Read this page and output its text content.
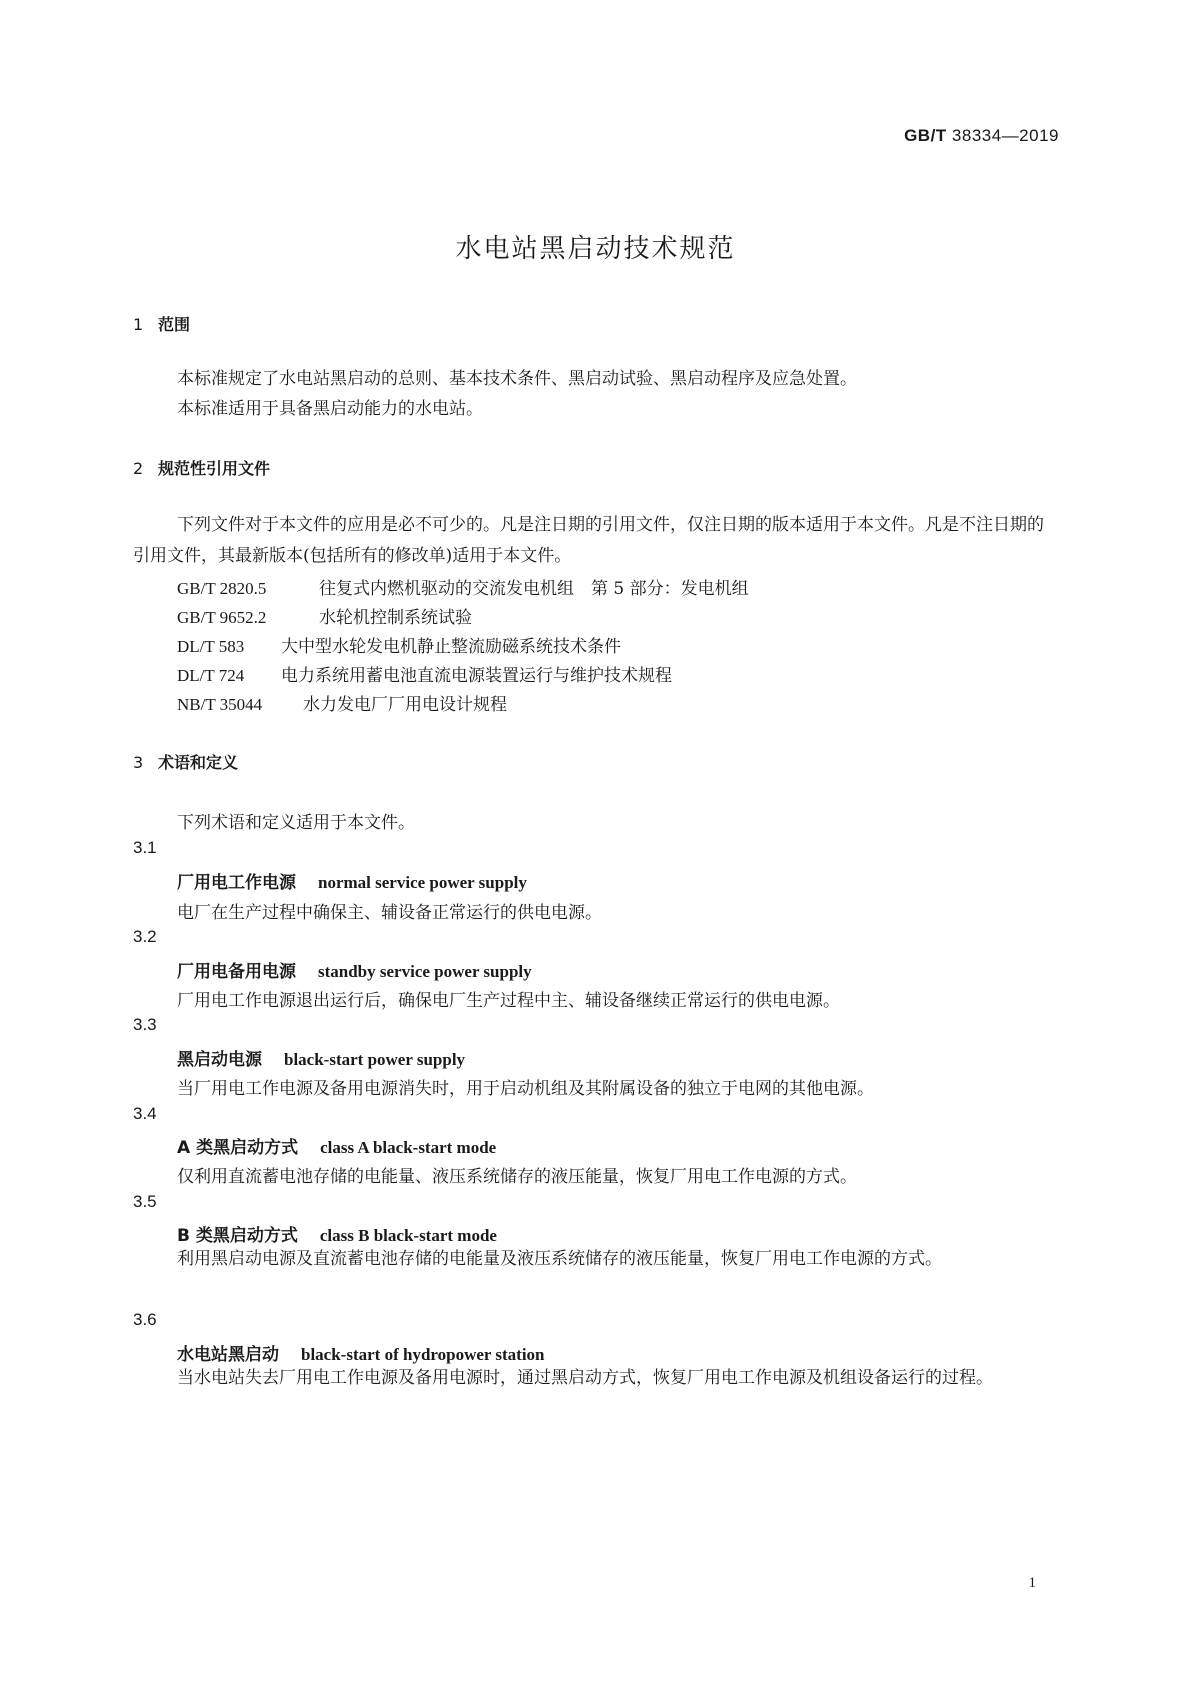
GB/T 38334—2019
水电站黑启动技术规范
1 范围

本标准规定了水电站黑启动的总则、基本技术条件、黑启动试验、黑启动程序及应急处置。

本标准适用于具备黑启动能力的水电站。

2 规范性引用文件

下列文件对于本文件的应用是必不可少的。凡是注日期的引用文件，仅注日期的版本适用于本文件。凡是不注日期的引用文件，其最新版本(包括所有的修改单)适用于本文件。

GB/T 2820.5	往复式内燃机驱动的交流发电机组　第 5 部分：发电机组
GB/T 9652.2	水轮机控制系统试验
DL/T 583 大中型水轮发电机静止整流励磁系统技术条件
DL/T 724 电力系统用蓄电池直流电源装置运行与维护技术规程
NB/T 35044 水力发电厂厂用电设计规程
3 术语和定义
下列术语和定义适用于本文件。
3.1
厂用电工作电源 normal service power supply
电厂在生产过程中确保主、辅设备正常运行的供电电源。
3.2
厂用电备用电源 standby service power supply
厂用电工作电源退出运行后，确保电厂生产过程中主、辅设备继续正常运行的供电电源。
3.3
黑启动电源 black-start power supply
当厂用电工作电源及备用电源消失时，用于启动机组及其附属设备的独立于电网的其他电源。
3.4
A 类黑启动方式 class A black-start mode
仅利用直流蓄电池存储的电能量、液压系统储存的液压能量，恢复厂用电工作电源的方式。
3.5
B 类黑启动方式 class B black-start mode

利用黑启动电源及直流蓄电池存储的电能量及液压系统储存的液压能量，恢复厂用电工作电源的方式。

3.6
水电站黑启动 black-start of hydropower station

当水电站失去厂用电工作电源及备用电源时，通过黑启动方式，恢复厂用电工作电源及机组设备运行的过程。

1
